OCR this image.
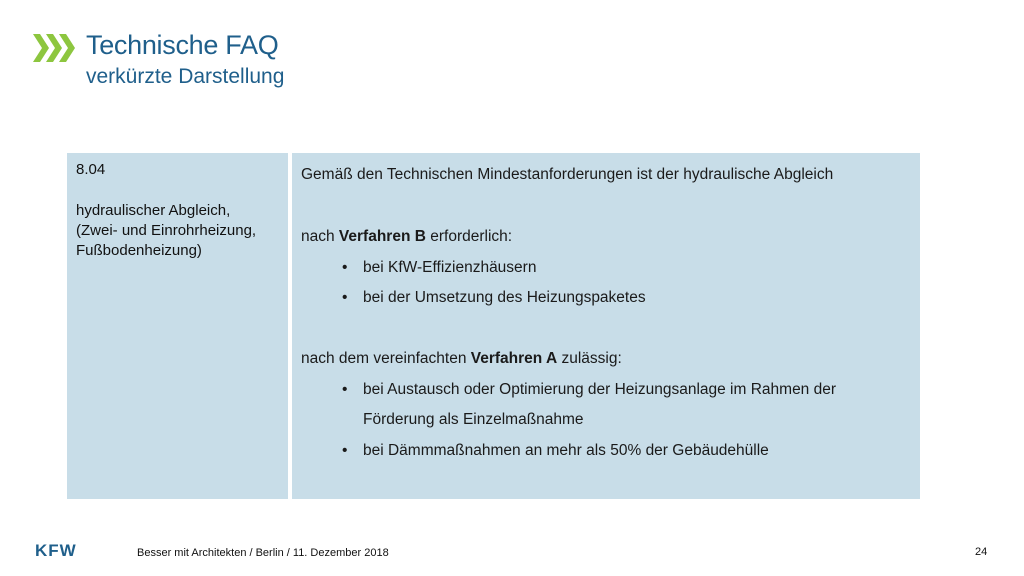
Technische FAQ
verkürzte Darstellung
8.04
hydraulischer Abgleich, (Zwei- und Einrohrheizung, Fußbodenheizung)
Gemäß den Technischen Mindestanforderungen ist der hydraulische Abgleich
nach Verfahren B erforderlich:
• bei KfW-Effizienzhäusern
• bei der Umsetzung des Heizungspaketes
nach dem vereinfachten Verfahren A zulässig:
• bei Austausch oder Optimierung der Heizungsanlage im Rahmen der
Förderung als Einzelmaßnahme
• bei Dämmmaßnahmen an mehr als 50% der Gebäudehülle
KFW	Besser mit Architekten / Berlin / 11. Dezember 2018	24
